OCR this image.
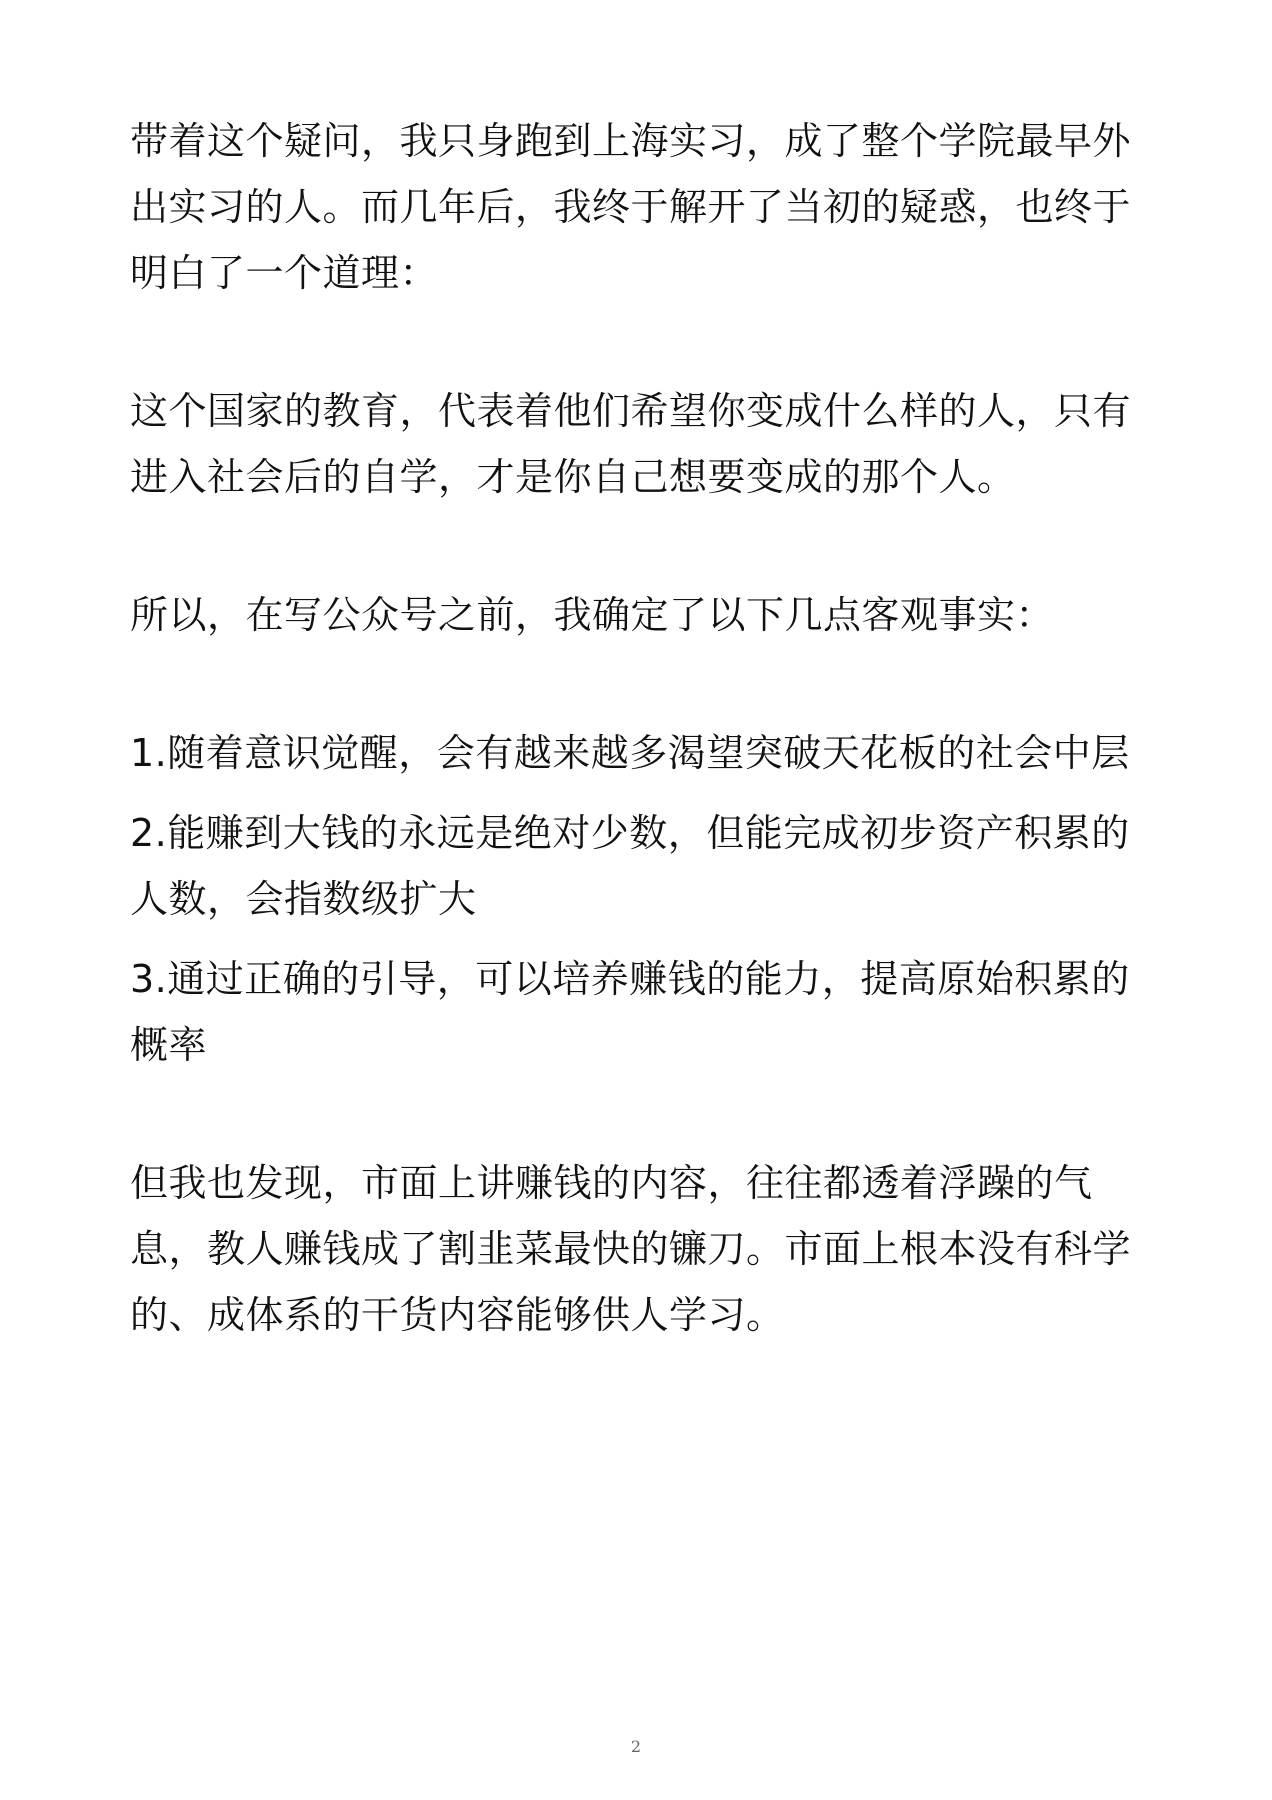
带着这个疑问，我只身跑到上海实习，成了整个学院最早外出实习的人。而几年后，我终于解开了当初的疑惑，也终于明白了一个道理：

这个国家的教育，代表着他们希望你变成什么样的人，只有进入社会后的自学，才是你自己想要变成的那个人。

所以，在写公众号之前，我确定了以下几点客观事实：

1.随着意识觉醒，会有越来越多渴望突破天花板的社会中层

2.能赚到大钱的永远是绝对少数，但能完成初步资产积累的人数，会指数级扩大

3.通过正确的引导，可以培养赚钱的能力，提高原始积累的概率

但我也发现，市面上讲赚钱的内容，往往都透着浮躁的气息，教人赚钱成了割韭菜最快的镰刀。市面上根本没有科学的、成体系的干货内容能够供人学习。

2
